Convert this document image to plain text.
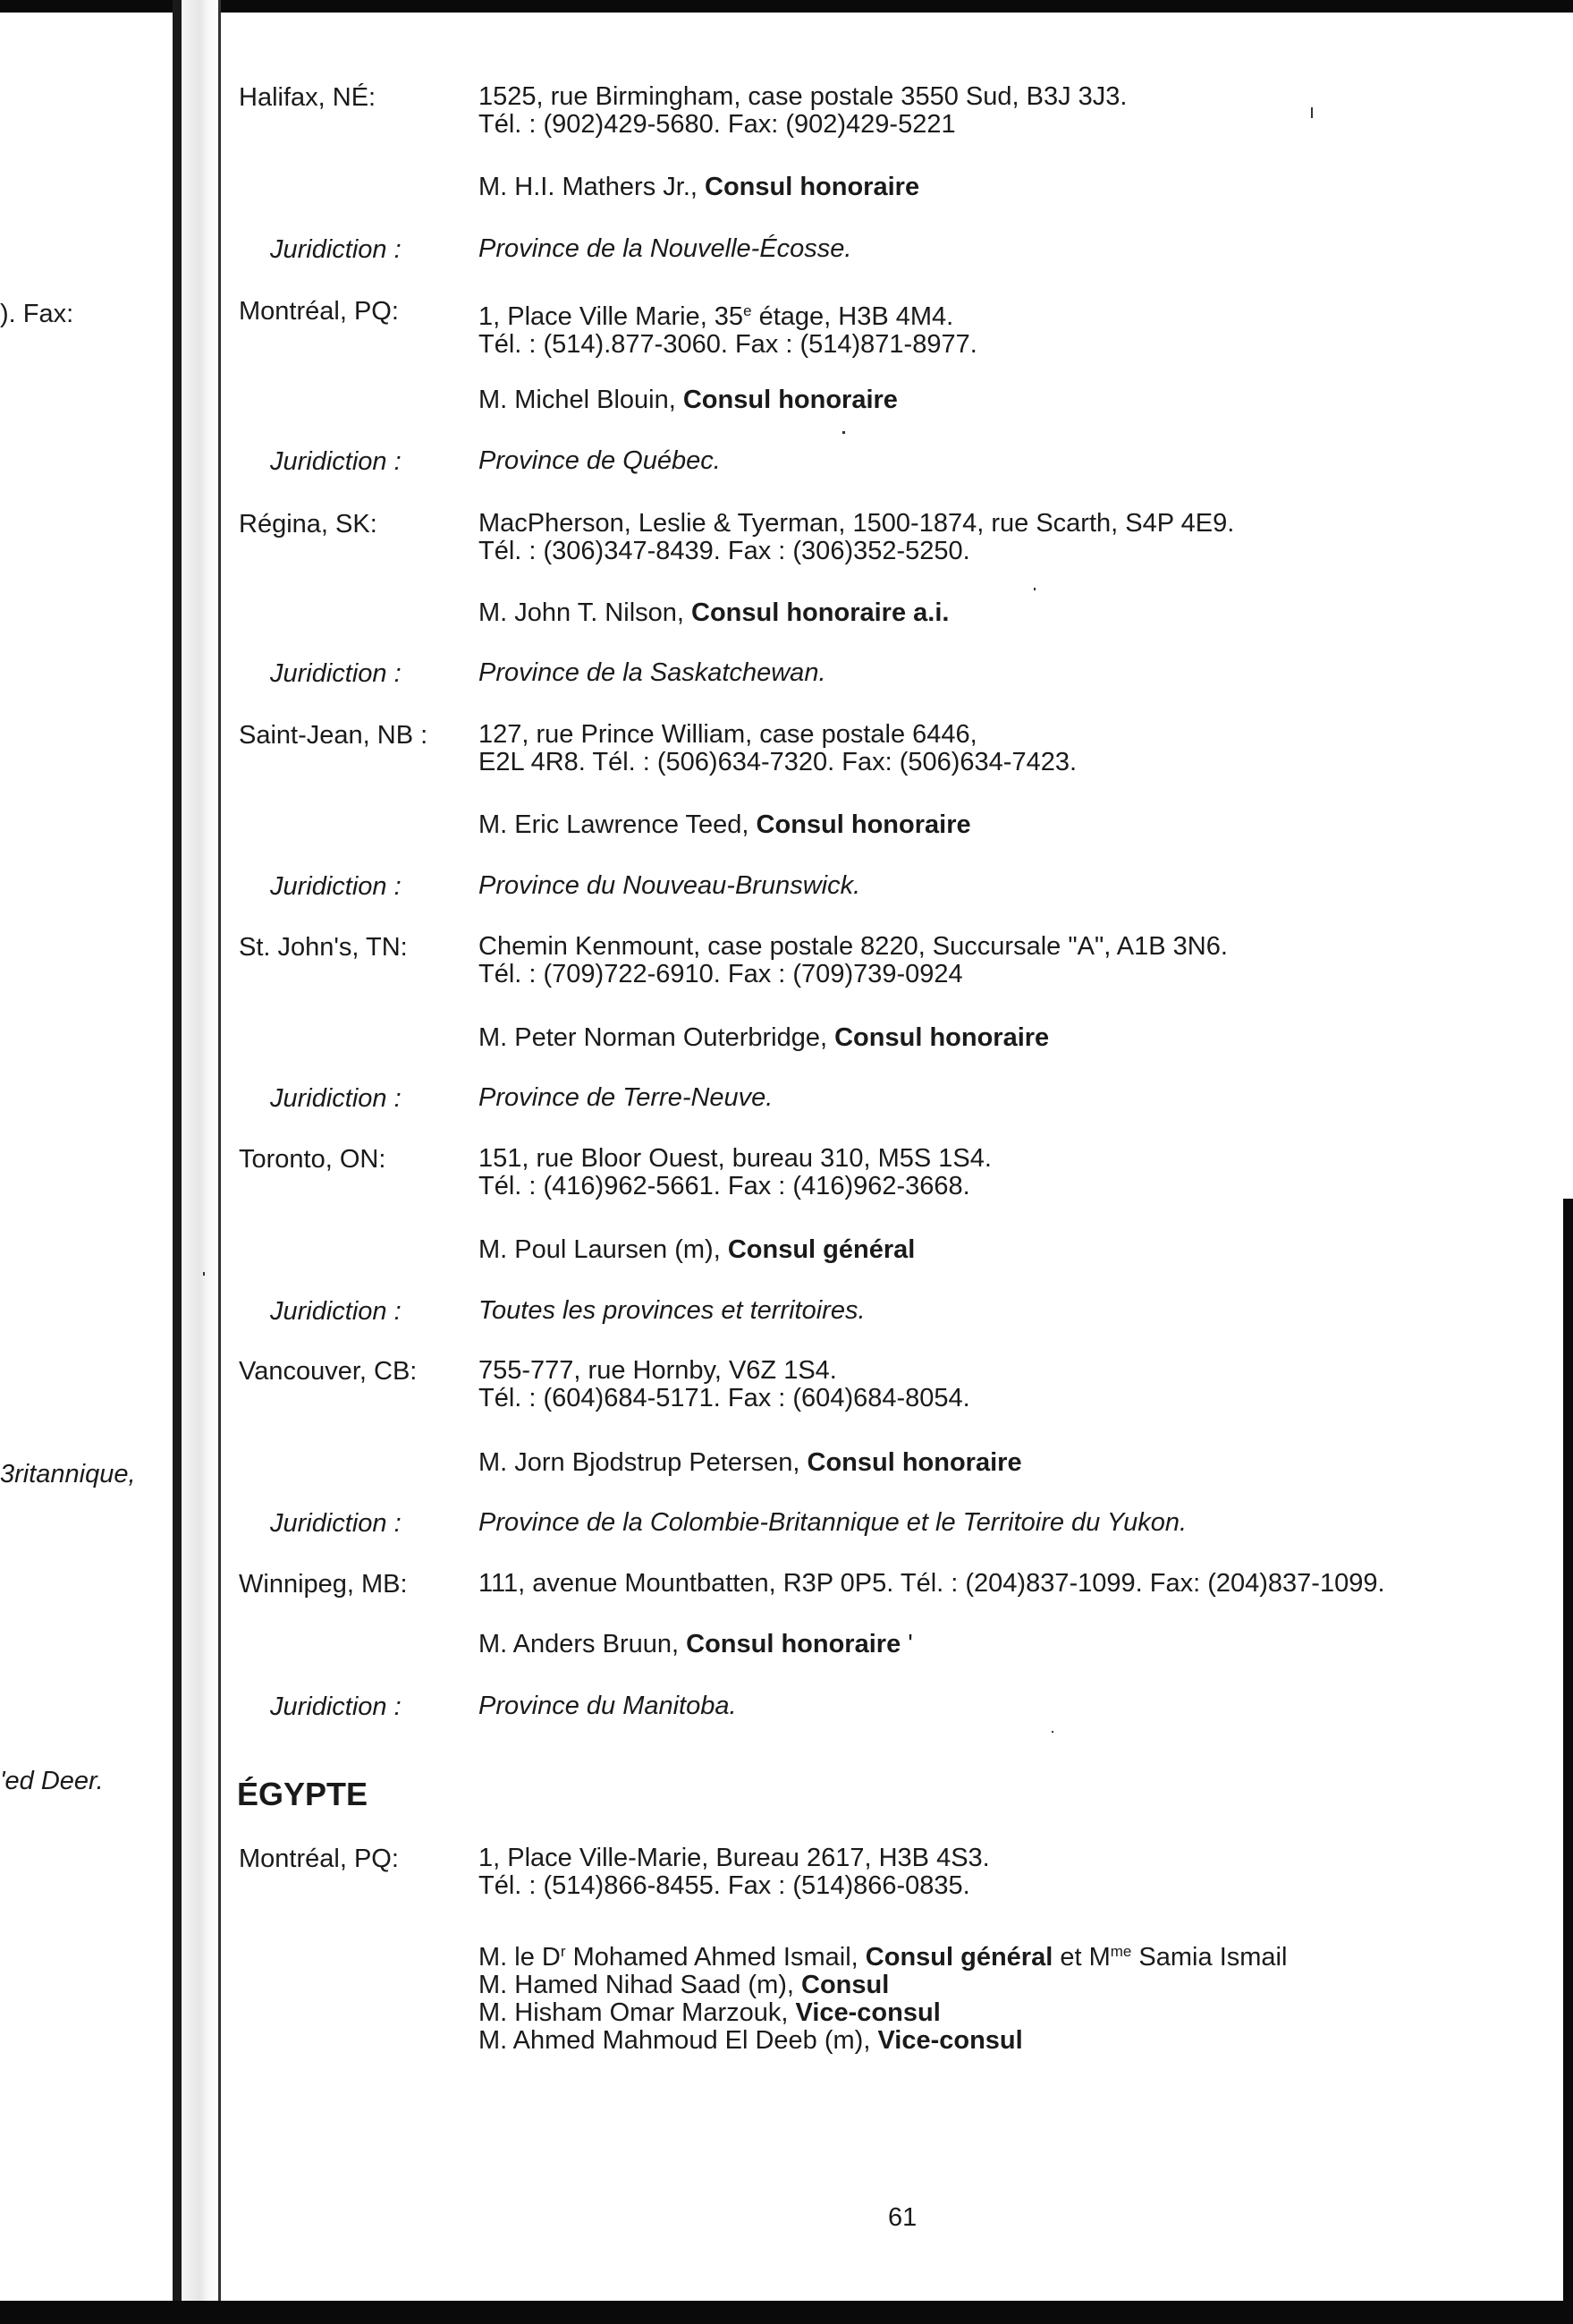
). Fax:
3ritannique,
'ed Deer.
Halifax, NÉ:	1525, rue Birmingham, case postale 3550 Sud, B3J 3J3.
Tél. : (902)429-5680. Fax: (902)429-5221
M. H.I. Mathers Jr., Consul honoraire
Juridiction :	Province de la Nouvelle-Écosse.
Montréal, PQ:	1, Place Ville Marie, 35e étage, H3B 4M4.
Tél. : (514).877-3060. Fax : (514)871-8977.
M. Michel Blouin, Consul honoraire
Juridiction :	Province de Québec.
Régina, SK:	MacPherson, Leslie & Tyerman, 1500-1874, rue Scarth, S4P 4E9.
Tél. : (306)347-8439. Fax : (306)352-5250.
M. John T. Nilson, Consul honoraire a.i.
Juridiction :	Province de la Saskatchewan.
Saint-Jean, NB : 127, rue Prince William, case postale 6446,
E2L 4R8. Tél. : (506)634-7320. Fax: (506)634-7423.
M. Eric Lawrence Teed, Consul honoraire
Juridiction :	Province du Nouveau-Brunswick.
St. John's, TN:	Chemin Kenmount, case postale 8220, Succursale "A", A1B 3N6.
Tél. : (709)722-6910. Fax : (709)739-0924
M. Peter Norman Outerbridge, Consul honoraire
Juridiction :	Province de Terre-Neuve.
Toronto, ON:	151, rue Bloor Ouest, bureau 310, M5S 1S4.
Tél. : (416)962-5661. Fax : (416)962-3668.
M. Poul Laursen (m), Consul général
Juridiction :	Toutes les provinces et territoires.
Vancouver, CB: 755-777, rue Hornby, V6Z 1S4.
Tél. : (604)684-5171. Fax : (604)684-8054.
M. Jorn Bjodstrup Petersen, Consul honoraire
Juridiction :	Province de la Colombie-Britannique et le Territoire du Yukon.
Winnipeg, MB:	111, avenue Mountbatten, R3P 0P5. Tél. : (204)837-1099. Fax: (204)837-1099.
M. Anders Bruun, Consul honoraire '
Juridiction :	Province du Manitoba.
ÉGYPTE
Montréal, PQ:	1, Place Ville-Marie, Bureau 2617, H3B 4S3.
Tél. : (514)866-8455. Fax : (514)866-0835.
M. le $D^r$ Mohamed Ahmed Ismail, Consul général et $M^{me}$ Samia Ismail
M. Hamed Nihad Saad (m), Consul
M. Hisham Omar Marzouk, Vice-consul
M. Ahmed Mahmoud El Deeb (m), Vice-consul
61
